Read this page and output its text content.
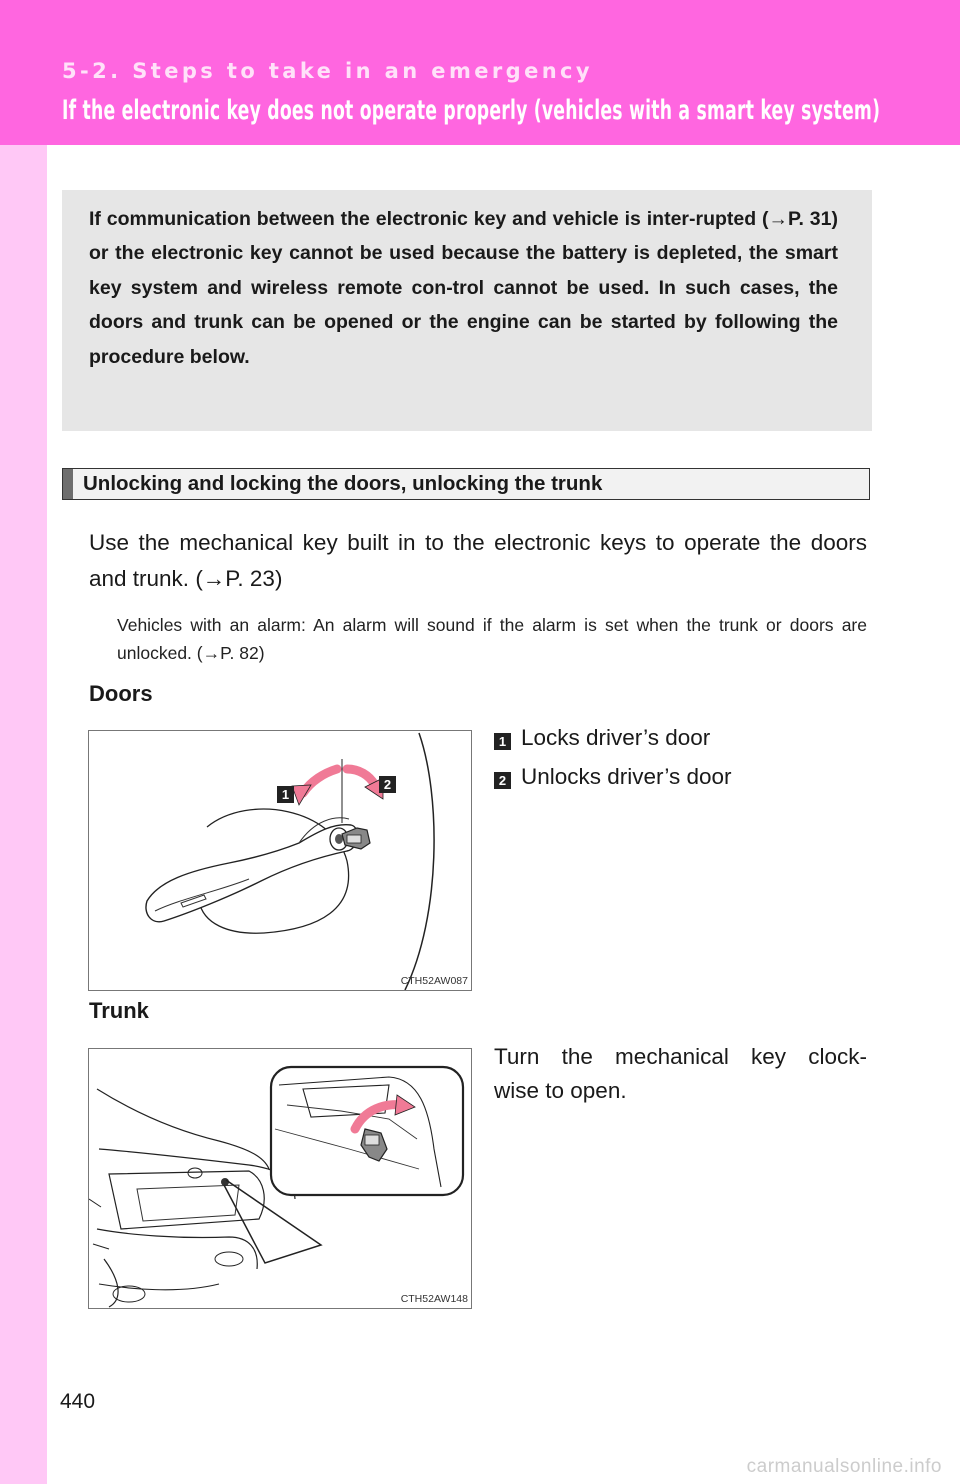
5-2. Steps to take in an emergency
If the electronic key does not operate properly (vehicles with a smart key system)
If communication between the electronic key and vehicle is inter-rupted (→P. 31) or the electronic key cannot be used because the battery is depleted, the smart key system and wireless remote con-trol cannot be used. In such cases, the doors and trunk can be opened or the engine can be started by following the procedure below.
Unlocking and locking the doors, unlocking the trunk
Use the mechanical key built in to the electronic keys to operate the doors and trunk. (→P. 23)
Vehicles with an alarm: An alarm will sound if the alarm is set when the trunk or doors are unlocked. (→P. 82)
Doors
1
2
CTH52AW087
1 Locks driver’s door
2 Unlocks driver’s door
Trunk
CTH52AW148
Turn the mechanical key clock-
wise to open.
440
carmanualsonline.info
